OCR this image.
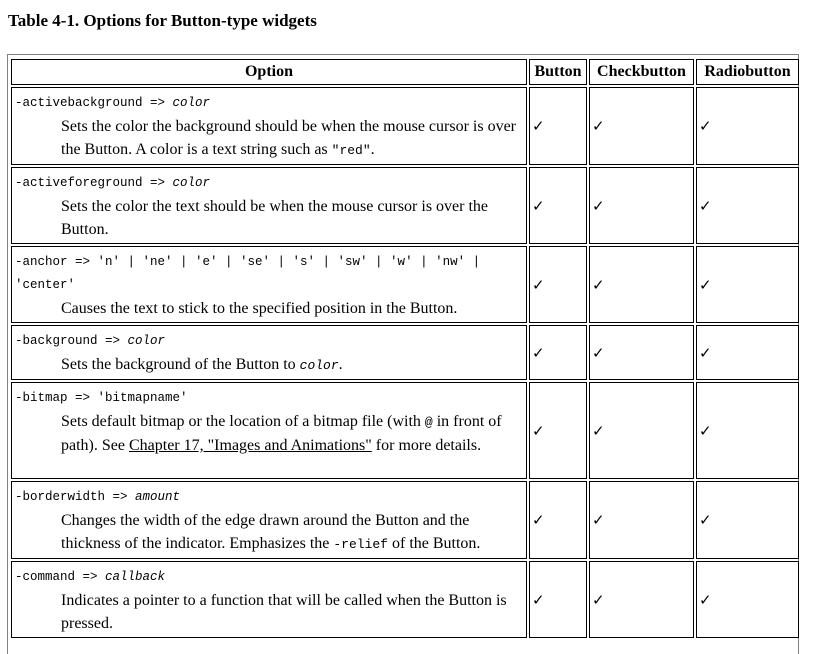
Table 4-1. Options for Button-type widgets
Option	Button	Checkbutton	Radiobutton

-activebackground => color
Sets the color the background should be when the mouse cursor is over the Button. A color is a text string such as "red".	✓	✓	✓

-activeforeground => color
Sets the color the text should be when the mouse cursor is over the Button.	✓	✓	✓

-anchor => 'n' | 'ne' | 'e' | 'se' | 's' | 'sw' | 'w' | 'nw' | 'center'
Causes the text to stick to the specified position in the Button.	✓	✓	✓

-background => color
Sets the background of the Button to color.	✓	✓	✓

-bitmap => 'bitmapname'
Sets default bitmap or the location of a bitmap file (with @ in front of path). See Chapter 17, "Images and Animations" for more details.	✓	✓	✓

-borderwidth => amount
Changes the width of the edge drawn around the Button and the thickness of the indicator. Emphasizes the -relief of the Button.	✓	✓	✓

-command => callback
Indicates a pointer to a function that will be called when the Button is pressed.	✓	✓	✓
